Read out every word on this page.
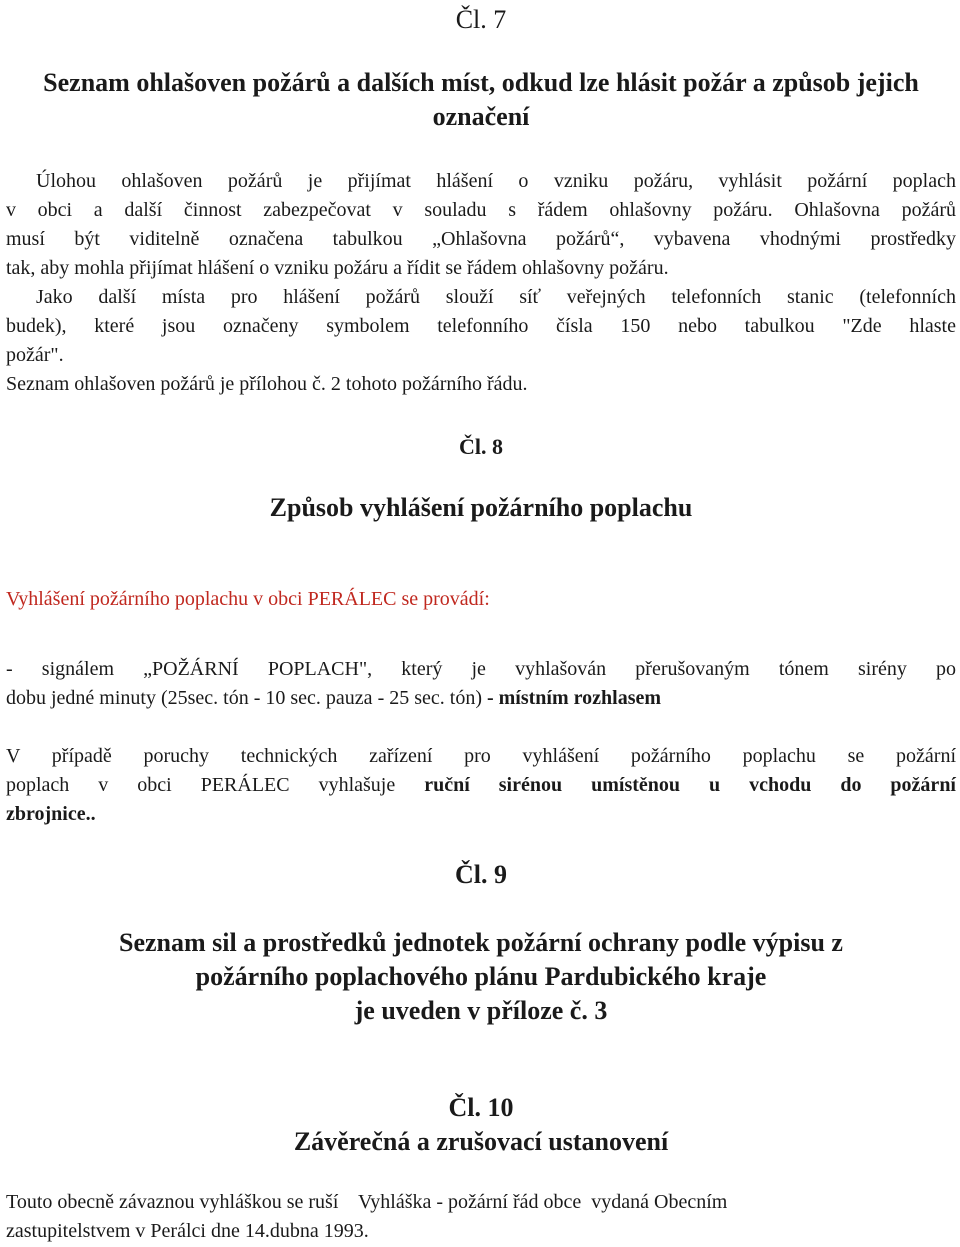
Čl. 7
Seznam ohlašoven požárů a dalších míst, odkud lze hlásit požár a způsob jejich
označení

Úlohou ohlašoven požárů je přijímat hlášení o vzniku požáru, vyhlásit požární poplach

v obci a další činnost zabezpečovat v souladu s řádem ohlašovny požáru. Ohlašovna požárů

musí být viditelně označena tabulkou „Ohlašovna požárů“, vybavena vhodnými prostředky

tak, aby mohla přijímat hlášení o vzniku požáru a řídit se řádem ohlašovny požáru.

Jako další místa pro hlášení požárů slouží síť veřejných telefonních stanic (telefonních

budek), které jsou označeny symbolem telefonního čísla 150 nebo tabulkou "Zde hlaste

požár".

Seznam ohlašoven požárů je přílohou č. 2 tohoto požárního řádu.

Čl. 8
Způsob vyhlášení požárního poplachu
Vyhlášení požárního poplachu v obci PERÁLEC se provádí:

- signálem „POŽÁRNÍ POPLACH", který je vyhlašován přerušovaným tónem sirény po

dobu jedné minuty (25sec. tón - 10 sec. pauza - 25 sec. tón) - místním rozhlasem

V případě poruchy technických zařízení pro vyhlášení požárního poplachu se požární

poplach v obci PERÁLEC vyhlašuje ruční sirénou umístěnou u vchodu do požární

zbrojnice..

Čl. 9
Seznam sil a prostředků jednotek požární ochrany podle výpisu z
požárního poplachového plánu Pardubického kraje
je uveden v příloze č. 3
Čl. 10
Závěrečná a zrušovací ustanovení

Touto obecně závaznou vyhláškou se ruší    Vyhláška - požární řád obce  vydaná Obecním

zastupitelstvem v Perálci dne 14.dubna 1993.
